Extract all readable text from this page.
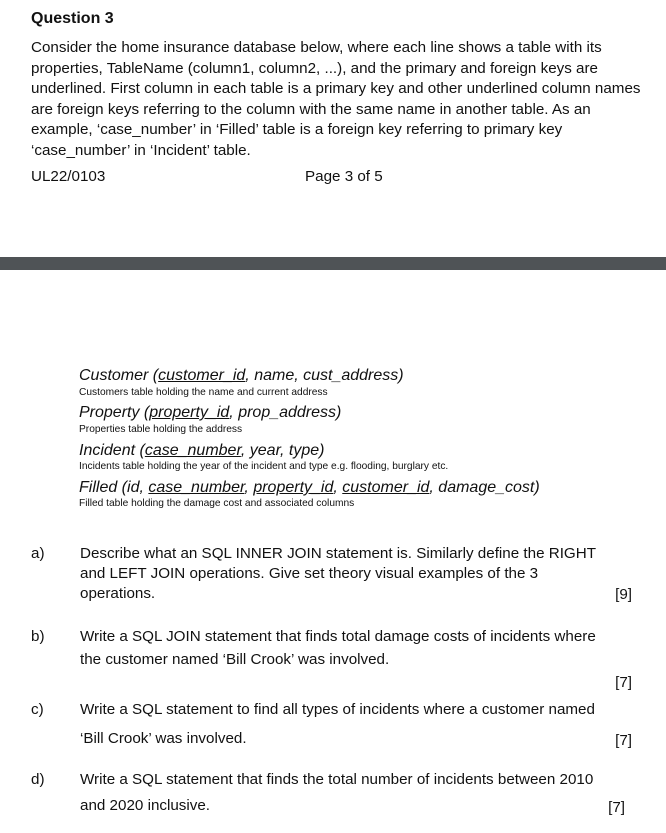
Question 3
Consider the home insurance database below, where each line shows a table with its properties, TableName (column1, column2, ...), and the primary and foreign keys are underlined. First column in each table is a primary key and other underlined column names are foreign keys referring to the column with the same name in another table. As an example, ‘case_number’ in ‘Filled’ table is a foreign key referring to primary key ‘case_number’ in ‘Incident’ table.
UL22/0103	Page 3 of 5
Customer (customer_id, name, cust_address)
Customers table holding the name and current address
Property (property_id, prop_address)
Properties table holding the address
Incident (case_number, year, type)
Incidents table holding the year of the incident and type e.g. flooding, burglary etc.
Filled (id, case_number, property_id, customer_id, damage_cost)
Filled table holding the damage cost and associated columns
a) Describe what an SQL INNER JOIN statement is. Similarly define the RIGHT
and LEFT JOIN operations. Give set theory visual examples of the 3
operations.	[9]
b) Write a SQL JOIN statement that finds total damage costs of incidents where
the customer named ‘Bill Crook’ was involved.
[7]
c) Write a SQL statement to find all types of incidents where a customer named
‘Bill Crook’ was involved.	[7]
d) Write a SQL statement that finds the total number of incidents between 2010
and 2020 inclusive.	[7]
